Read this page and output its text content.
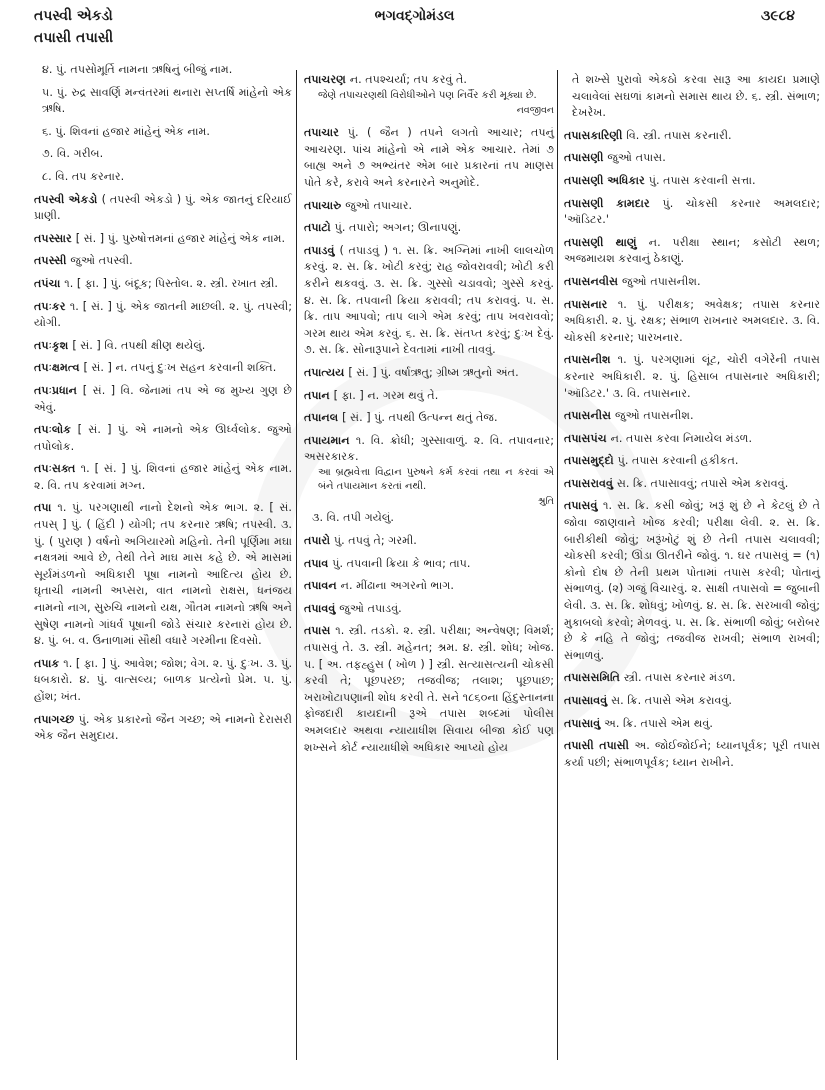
તપસ્વી એકડો	ભગવદ્ગોમંડલ	૩૯૮૪
તપાસી તપાસી
૪. પું. તપસોમૂર્તિ નામના ઋષિનું બીજું નામ.
૫. પું. રુદ્ર સાવર્ણિ મન્વંતરમાં થનારા સપ્તર્ષિ માંહેનો એક ઋષિ.
૬. પું. શિવનાં હજાર માંહેનું એક નામ.
૭. વિ. ગરીબ.
૮. વિ. તપ કરનાર.
તપસ્વી એકડો ( તપસ્વી એકડો ) પું. એક જાતનું દરિયાઈ પ્રાણી.
તપસ્સાર [ સં. ] પું. પુરુષોત્તમનાં હજાર માંહેનું એક નામ.
તપસ્સી જુઓ તપસ્વી.
તપંચા ૧. [ ફા. ] પું. બંદૂક; પિસ્તોલ. ૨. સ્ત્રી. રખાત સ્ત્રી.
તપઃકર ૧. [ સં. ] પું. એક જાતની માછલી. ૨. પું. તપસ્વી; યોગી.
તપઃકૃશ [ સં. ] વિ. તપથી ક્ષીણ થયેલું.
તપઃક્ષમત્વ [ સં. ] ન. તપનું દુઃખ સહન કરવાની શક્તિ.
તપઃપ્રધાન [ સં. ] વિ. જેનામાં તપ એ જ મુખ્ય ગુણ છે એવું.
તપઃલોક [ સં. ] પું. એ નામનો એક ઊર્ધ્વલોક. જુઓ તપોલોક.
તપઃસક્ત ૧. [ સં. ] પું. શિવનાં હજાર માંહેનું એક નામ. ૨. વિ. તપ કરવામાં મગ્ન.
તપા ૧. પું. પરગણાથી નાનો દેશનો એક ભાગ. ૨. [ સં. તપસ્ ] પું. ( હિંદી ) યોગી; તપ કરનાર ઋષિ; તપસ્વી. ૩. પું. ( પુરાણ ) વર્ષનો અગિયારમો મહિનો. તેની પૂર્ણિમા મઘા નક્ષત્રમાં આવે છે, તેથી તેને માઘ માસ કહે છે. એ માસમાં સૂર્યમંડળનો અધિકારી પૂષા નામનો આદિત્ય હોય છે. ઘૃતાચી નામની અપ્સરા, વાત નામનો રાક્ષસ, ધનંજય નામનો નાગ, સુરુચિ નામનો યક્ષ, ગૌતમ નામનો ઋષિ અને સુષેણ નામનો ગાંધર્વ પૂષાની જોડે સંચાર કરનારાં હોય છે. ૪. પું. બ. વ. ઉનાળામાં સૌથી વધારે ગરમીના દિવસો.
તપાક ૧. [ ફા. ] પું. આવેશ; જોશ; વેગ. ૨. પું. દુઃખ. ૩. પું. ધબકારો. ૪. પું. વાત્સલ્ય; બાળક પ્રત્યેનો પ્રેમ. ૫. પું. હોંશ; ખંત.
તપાગચ્છ પું. એક પ્રકારનો જૈન ગચ્છ; એ નામનો દેરાસરી એક જૈન સમુદાય.
તપાચરણ ન. તપશ્ચર્યા; તપ કરવું તે.
જેણે તપાચરણથી વિરોધીઓને પણ નિર્વૈર કરી મૂક્યા છે.
નવજીવન
તપાચાર પું. ( જૈન ) તપને લગતો આચાર; તપનું આચરણ. પાંચ માંહેનો એ નામે એક આચાર. તેમાં ૭ બાહ્ય અને ૭ અભ્યંતર એમ બાર પ્રકારનાં તપ માણસ પોતે કરે, કરાવે અને કરનારને અનુમોદે.
તપાચારુ જુઓ તપાચાર.
તપાટો પું. તપારો; અગન; ઊનાપણું.
તપાડવું ( તપાડવું ) ૧. સ. ક્રિ. અગ્નિમાં નાખી લાલચોળ કરવું. ૨. સ. ક્રિ. ખોટી કરવું; રાહ જોવરાવવી; ખોટી કરી કરીને થકવવું. ૩. સ. ક્રિ. ગુસ્સો ચડાવવો; ગુસ્સે કરવું. ૪. સ. ક્રિ. તપવાની ક્રિયા કરાવવી; તપ કરાવવું. ૫. સ. ક્રિ. તાપ આપવો; તાપ લાગે એમ કરવું; તાપ ખવરાવવો; ગરમ થાય એમ કરવું. ૬. સ. ક્રિ. સંતપ્ત કરવું; દુઃખ દેવું. ૭. સ. ક્રિ. સોનારૂપાને દેવતામાં નાખી તાવવું.
તપાત્યય [ સં. ] પું. વર્ષાઋતુ; ગ્રીષ્મ ઋતુનો અંત.
તપાન [ ફા. ] ન. ગરમ થવું તે.
તપાનલ [ સં. ] પું. તપથી ઉત્પન્ન થતું તેજ.
તપાયમાન ૧. વિ. ક્રોધી; ગુસ્સાવાળું. ૨. વિ. તપાવનાર; અસરકારક.
આ બ્રહ્મવેત્તા વિદ્વાન પુરુષને કર્મ કરવાં તથા ન કરવાં એ બંને તપાયમાન કરતાં નથી.
શ્રુતિ
૩. વિ. તપી ગયેલું.
તપારો પું. તપવું તે; ગરમી.
તપાવ પું. તપવાની ક્રિયા કે ભાવ; તાપ.
તપાવન ન. મીંઢાના અગરનો ભાગ.
તપાવવું જુઓ તપાડવું.
તપાસ ૧. સ્ત્રી. તડકો. ૨. સ્ત્રી. પરીક્ષા; અન્વેષણ; વિમર્શ; તપાસવું તે. ૩. સ્ત્રી. મહેનત; શ્રમ. ૪. સ્ત્રી. શોધ; ખોજ. ૫. [ અ. તફહ્હુસ ( ખોળ ) ] સ્ત્રી. સત્યાસત્યની ચોકસી કરવી તે; પૂછપરછ; તજવીજ; તલાશ; પૂછપાછ; ખરાખોટાપણાની શોધ કરવી તે. સને ૧૮૬૦ના હિંદુસ્તાનના ફોજદારી કાયદાની રૂએ તપાસ શબ્દમાં પોલીસ અમલદાર અથવા ન્યાયાધીશ સિવાય બીજા કોઈ પણ શખ્સને કોર્ટ ન્યાયાધીશે અધિકાર આપ્યો હોય
તે શખ્સે પુરાવો એકઠો કરવા સારૂ આ કાયદા પ્રમાણે ચલાવેલાં સઘળાં કામનો સમાસ થાય છે. ૬. સ્ત્રી. સંભાળ; દેખરેખ.
તપાસકારિણી વિ. સ્ત્રી. તપાસ કરનારી.
તપાસણી જુઓ તપાસ.
તપાસણી અધિકાર પું. તપાસ કરવાની સત્તા.
તપાસણી કામદાર પું. ચોકસી કરનાર અમલદાર; 'ઑડિટર.'
તપાસણી થાણું ન. પરીક્ષા સ્થાન; કસોટી સ્થળ; અજમાયશ કરવાનું ઠેકાણું.
તપાસનવીસ જુઓ તપાસનીશ.
તપાસનાર ૧. પું. પરીક્ષક; અવેક્ષક; તપાસ કરનાર અધિકારી. ૨. પું. રક્ષક; સંભાળ રાખનાર અમલદાર. ૩. વિ. ચોકસી કરનાર; પારખનાર.
તપાસનીશ ૧. પું. પરગણામાં લૂંટ, ચોરી વગેરેની તપાસ કરનાર અધિકારી. ૨. પું. હિસાબ તપાસનાર અધિકારી; 'ઑડિટર.' ૩. વિ. તપાસનાર.
તપાસનીસ જુઓ તપાસનીશ.
તપાસપંચ ન. તપાસ કરવા નિમાયેલ મંડળ.
તપાસમુદ્દો પું. તપાસ કરવાની હકીકત.
તપાસરાવવું સ. ક્રિ. તપાસાવવું; તપાસે એમ કરાવવું.
તપાસવું ૧. સ. ક્રિ. કસી જોવું; ખરૂં શું છે ને કેટલું છે તે જોવા જાણવાને ખોજ કરવી; પરીક્ષા લેવી. ૨. સ. ક્રિ. બારીકીથી જોવું; ખરૂંખોટું શું છે તેની તપાસ ચલાવવી; ચોકસી કરવી; ઊંડા ઊતરીને જોવું. ૧. ઘર તપાસવું = (૧) કોનો દોષ છે તેની પ્રથમ પોતામાં તપાસ કરવી; પોતાનું સંભાળવું. (૨) ગજું વિચારવું. ૨. સાક્ષી તપાસવો = જુબાની લેવી. ૩. સ. ક્રિ. શોધવું; ખોળવું. ૪. સ. ક્રિ. સરખાવી જોવું; મુકાબલો કરવો; મેળવવું. ૫. સ. ક્રિ. સંભાળી જોવું; બરોબર છે કે નહિ તે જોવું; તજવીજ રાખવી; સંભાળ રાખવી; સંભાળવું.
તપાસસમિતિ સ્ત્રી. તપાસ કરનાર મંડળ.
તપાસાવવું સ. ક્રિ. તપાસે એમ કરાવવું.
તપાસાવું અ. ક્રિ. તપાસે એમ થવું.
તપાસી તપાસી અ. જોઈજોઈને; ધ્યાનપૂર્વક; પૂરી તપાસ કર્યા પછી; સંભાળપૂર્વક; ધ્યાન રાખીને.
